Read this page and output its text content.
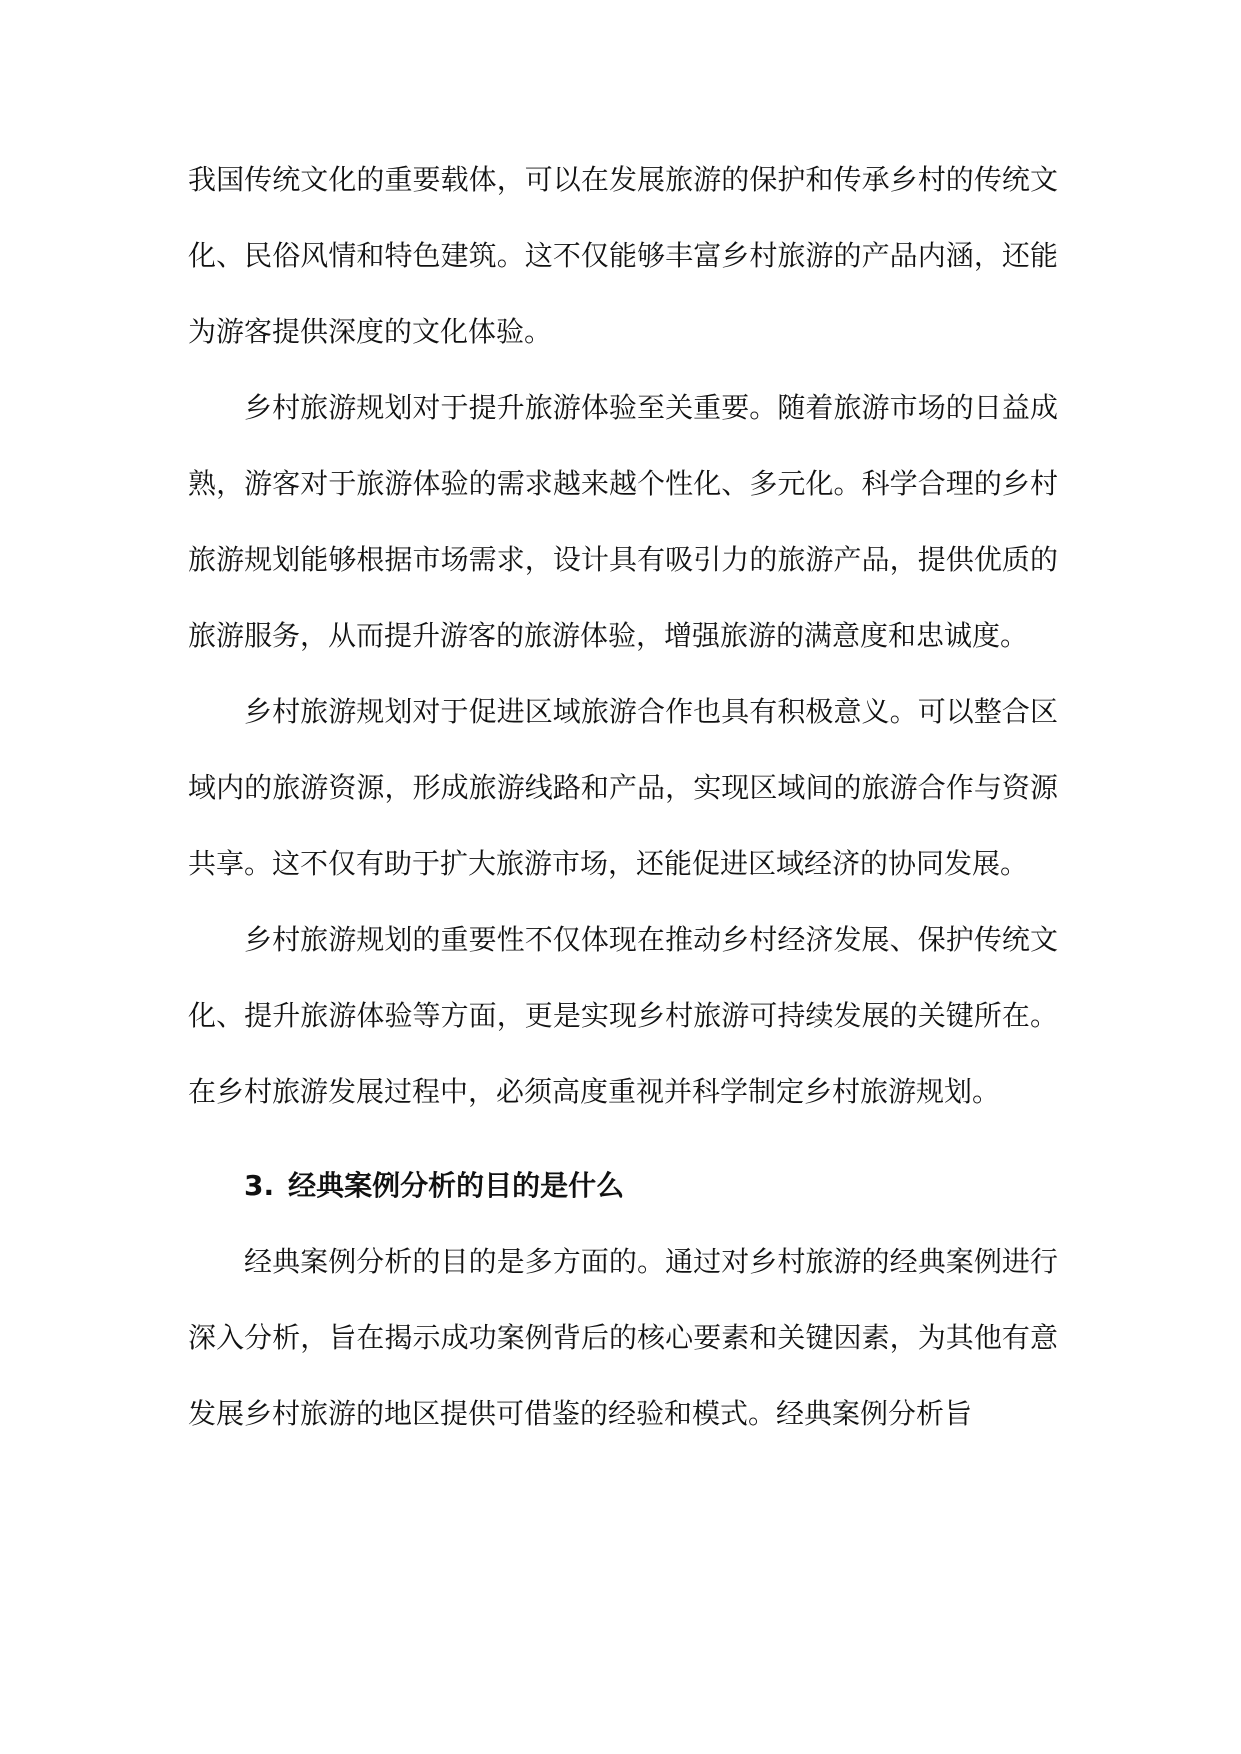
我国传统文化的重要载体，可以在发展旅游的保护和传承乡村的传统文化、民俗风情和特色建筑。这不仅能够丰富乡村旅游的产品内涵，还能为游客提供深度的文化体验。

乡村旅游规划对于提升旅游体验至关重要。随着旅游市场的日益成熟，游客对于旅游体验的需求越来越个性化、多元化。科学合理的乡村旅游规划能够根据市场需求，设计具有吸引力的旅游产品，提供优质的旅游服务，从而提升游客的旅游体验，增强旅游的满意度和忠诚度。

乡村旅游规划对于促进区域旅游合作也具有积极意义。可以整合区域内的旅游资源，形成旅游线路和产品，实现区域间的旅游合作与资源共享。这不仅有助于扩大旅游市场，还能促进区域经济的协同发展。

乡村旅游规划的重要性不仅体现在推动乡村经济发展、保护传统文化、提升旅游体验等方面，更是实现乡村旅游可持续发展的关键所在。在乡村旅游发展过程中，必须高度重视并科学制定乡村旅游规划。

3. 经典案例分析的目的是什么

经典案例分析的目的是多方面的。通过对乡村旅游的经典案例进行深入分析，旨在揭示成功案例背后的核心要素和关键因素，为其他有意发展乡村旅游的地区提供可借鉴的经验和模式。经典案例分析旨
